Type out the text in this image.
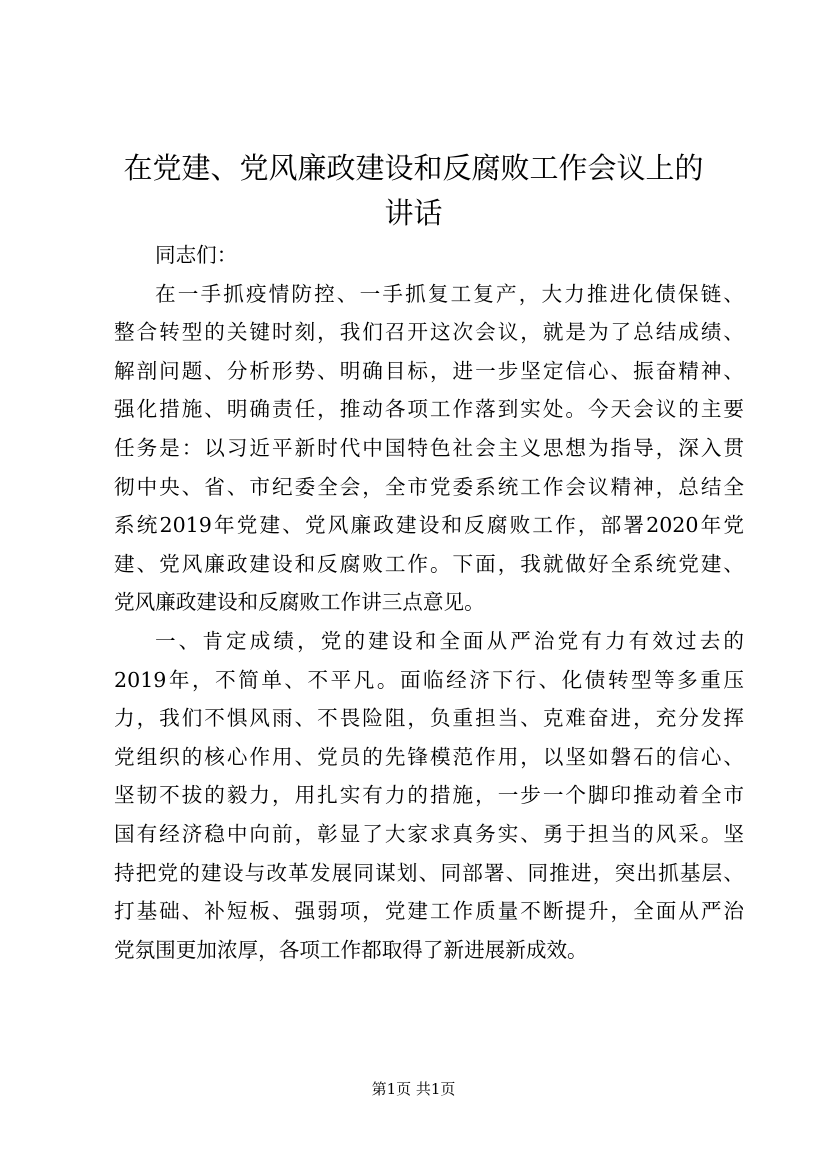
在党建、党风廉政建设和反腐败工作会议上的
讲话
同志们：
在一手抓疫情防控、一手抓复工复产，大力推进化债保链、
整合转型的关键时刻，我们召开这次会议，就是为了总结成绩、
解剖问题、分析形势、明确目标，进一步坚定信心、振奋精神、
强化措施、明确责任，推动各项工作落到实处。今天会议的主要
任务是：以习近平新时代中国特色社会主义思想为指导，深入贯
彻中央、省、市纪委全会，全市党委系统工作会议精神，总结全
系统2019年党建、党风廉政建设和反腐败工作，部署2020年党
建、党风廉政建设和反腐败工作。下面，我就做好全系统党建、
党风廉政建设和反腐败工作讲三点意见。
一、肯定成绩，党的建设和全面从严治党有力有效过去的
2019年，不简单、不平凡。面临经济下行、化债转型等多重压
力，我们不惧风雨、不畏险阻，负重担当、克难奋进，充分发挥
党组织的核心作用、党员的先锋模范作用，以坚如磐石的信心、
坚韧不拔的毅力，用扎实有力的措施，一步一个脚印推动着全市
国有经济稳中向前，彰显了大家求真务实、勇于担当的风采。坚
持把党的建设与改革发展同谋划、同部署、同推进，突出抓基层、
打基础、补短板、强弱项，党建工作质量不断提升，全面从严治
党氛围更加浓厚，各项工作都取得了新进展新成效。
第1页 共1页
